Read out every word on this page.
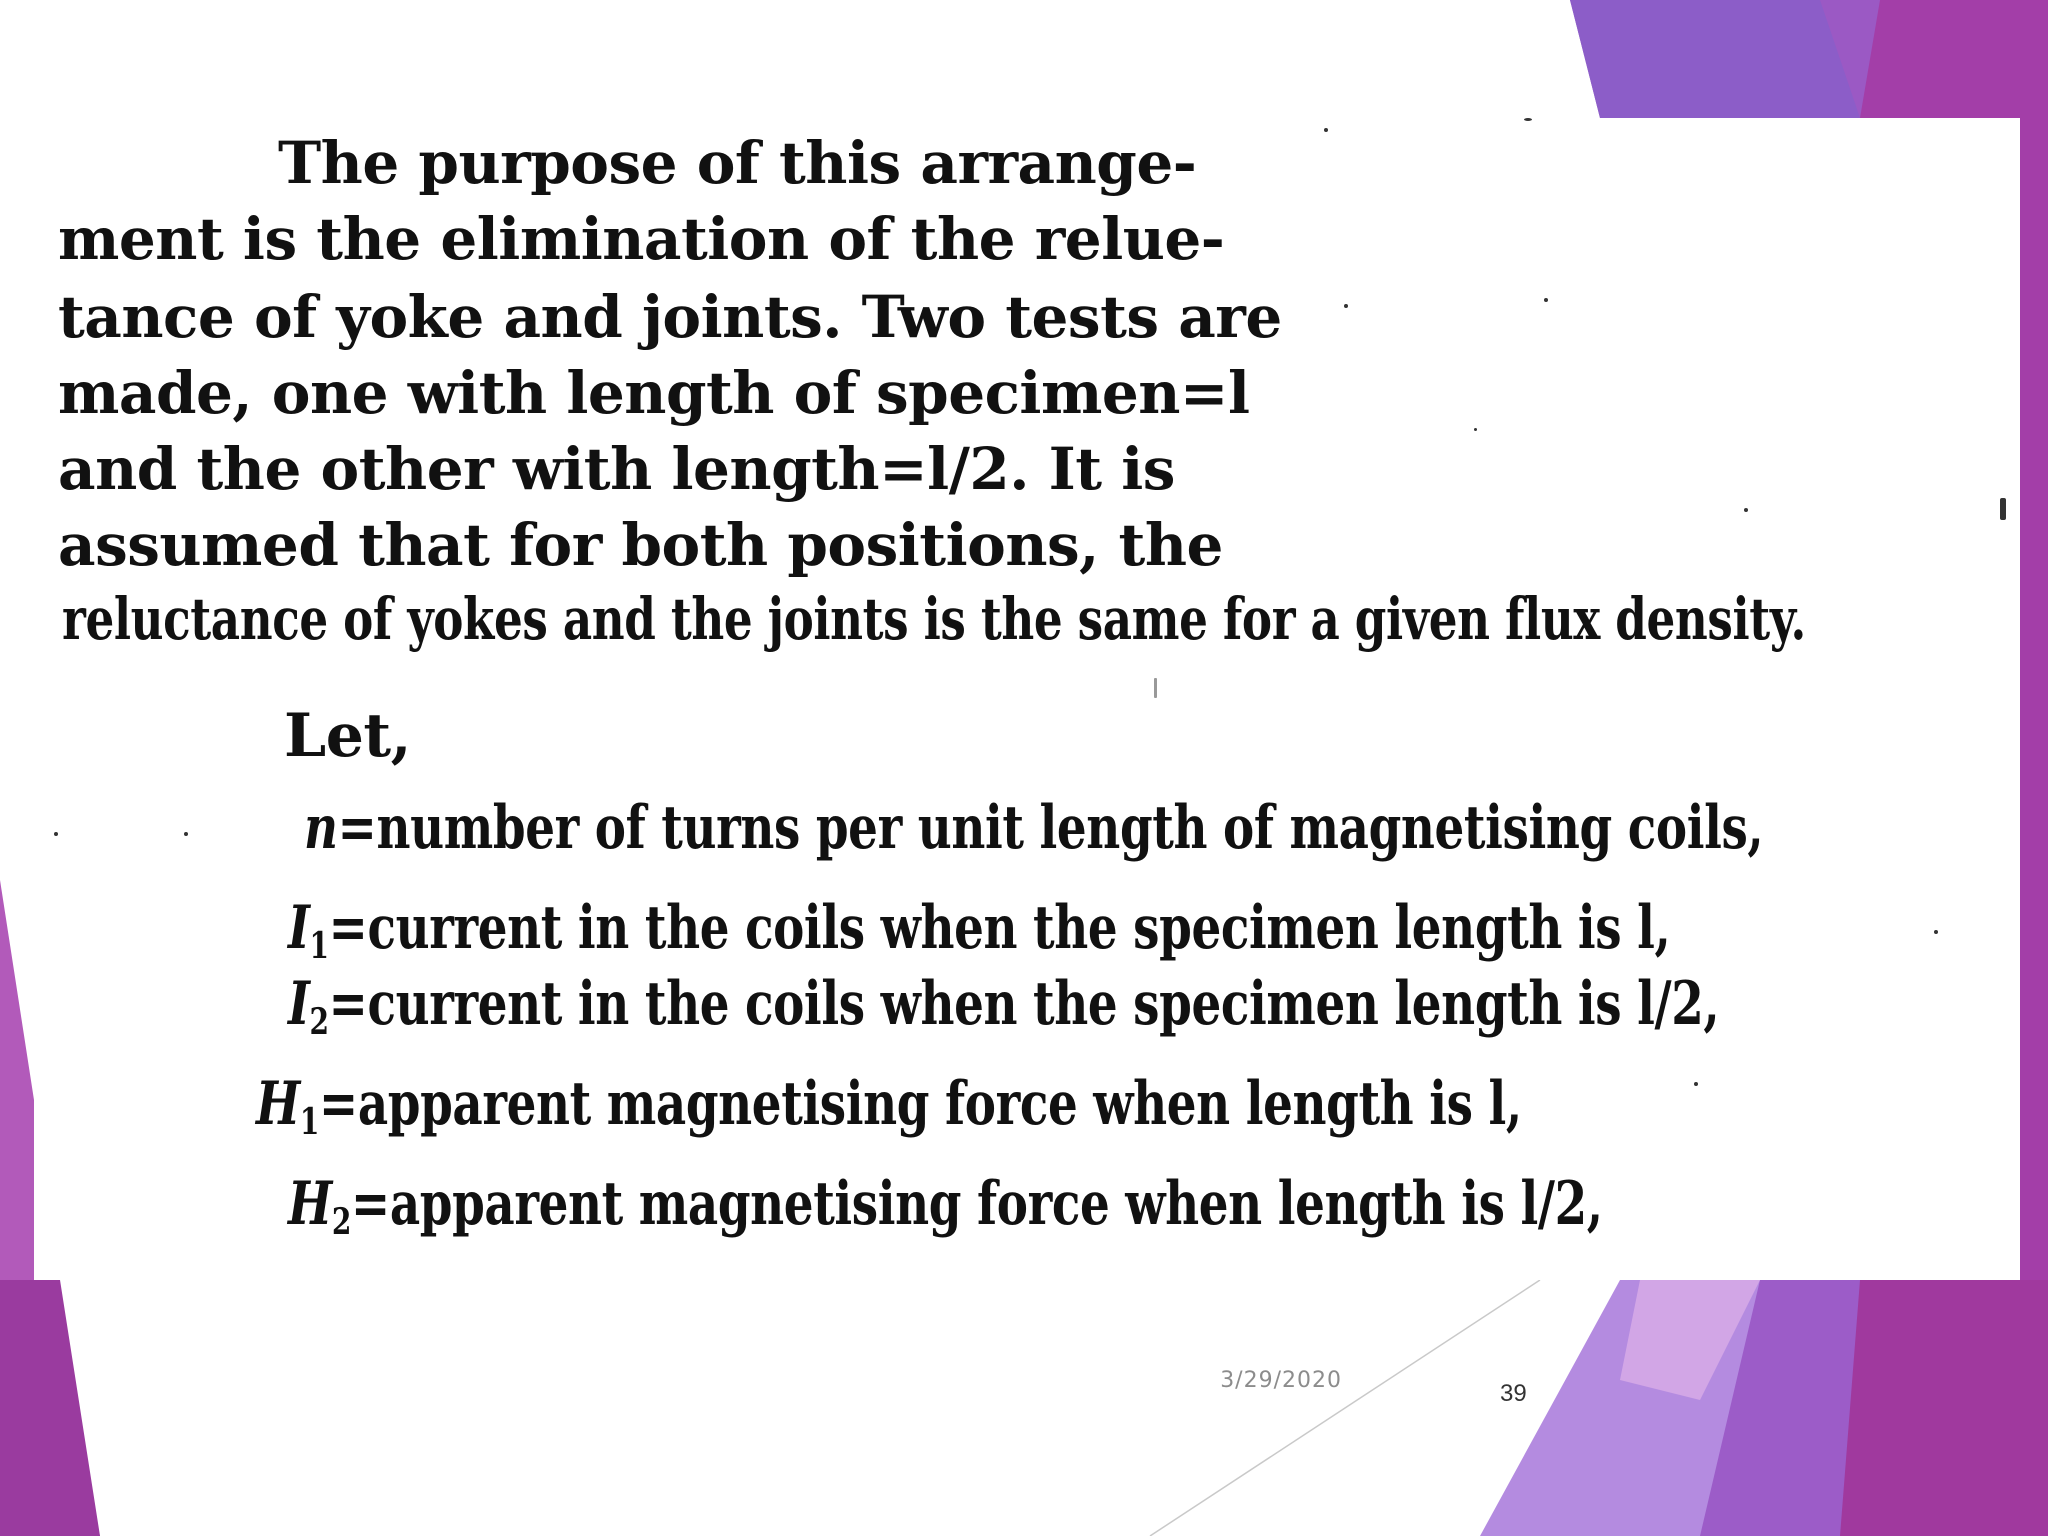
The purpose of this arrange-
ment is the elimination of the relue-
tance of yoke and joints. Two tests are
made, one with length of specimen=l
and the other with length=l/2. It is
assumed that for both positions, the
reluctance of yokes and the joints is the same for a given flux density.
Let,
n=number of turns per unit length of magnetising coils,
$I_1=current$ in the coils when the specimen length is l,
$I_2=current$ in the coils when the specimen length is l/2,
$H_1=apparent$ magnetising force when length is l,
$H_2=apparent$ magnetising force when length is l/2,
3/29/2020	39
